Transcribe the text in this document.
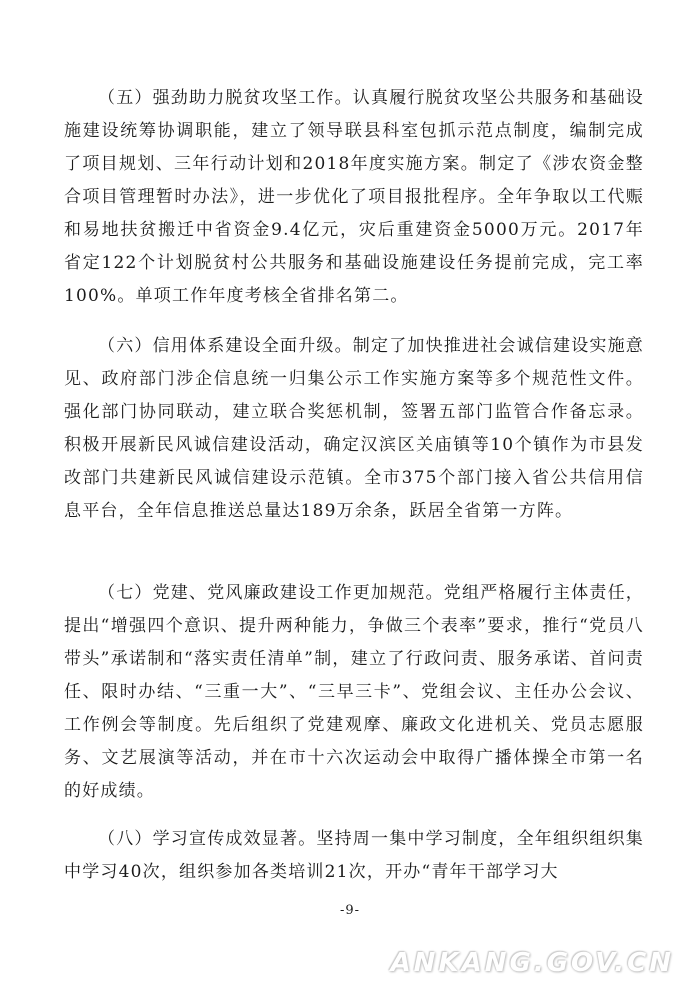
（五）强劲助力脱贫攻坚工作。认真履行脱贫攻坚公共服务和基础设施建设统筹协调职能，建立了领导联县科室包抓示范点制度，编制完成了项目规划、三年行动计划和2018年度实施方案。制定了《涉农资金整合项目管理暂时办法》，进一步优化了项目报批程序。全年争取以工代赈和易地扶贫搬迁中省资金9.4亿元，灾后重建资金5000万元。2017年省定122个计划脱贫村公共服务和基础设施建设任务提前完成，完工率100%。单项工作年度考核全省排名第二。

（六）信用体系建设全面升级。制定了加快推进社会诚信建设实施意见、政府部门涉企信息统一归集公示工作实施方案等多个规范性文件。强化部门协同联动，建立联合奖惩机制，签署五部门监管合作备忘录。积极开展新民风诚信建设活动，确定汉滨区关庙镇等10个镇作为市县发改部门共建新民风诚信建设示范镇。全市375个部门接入省公共信用信息平台，全年信息推送总量达189万余条，跃居全省第一方阵。

（七）党建、党风廉政建设工作更加规范。党组严格履行主体责任，提出“增强四个意识、提升两种能力，争做三个表率”要求，推行“党员八带头”承诺制和“落实责任清单”制，建立了行政问责、服务承诺、首问责任、限时办结、“三重一大”、“三早三卡”、党组会议、主任办公会议、工作例会等制度。先后组织了党建观摩、廉政文化进机关、党员志愿服务、文艺展演等活动，并在市十六次运动会中取得广播体操全市第一名的好成绩。

（八）学习宣传成效显著。坚持周一集中学习制度，全年组织组织集中学习40次，组织参加各类培训21次，开办“青年干部学习大

-9-
ANKANG.GOV.CN
